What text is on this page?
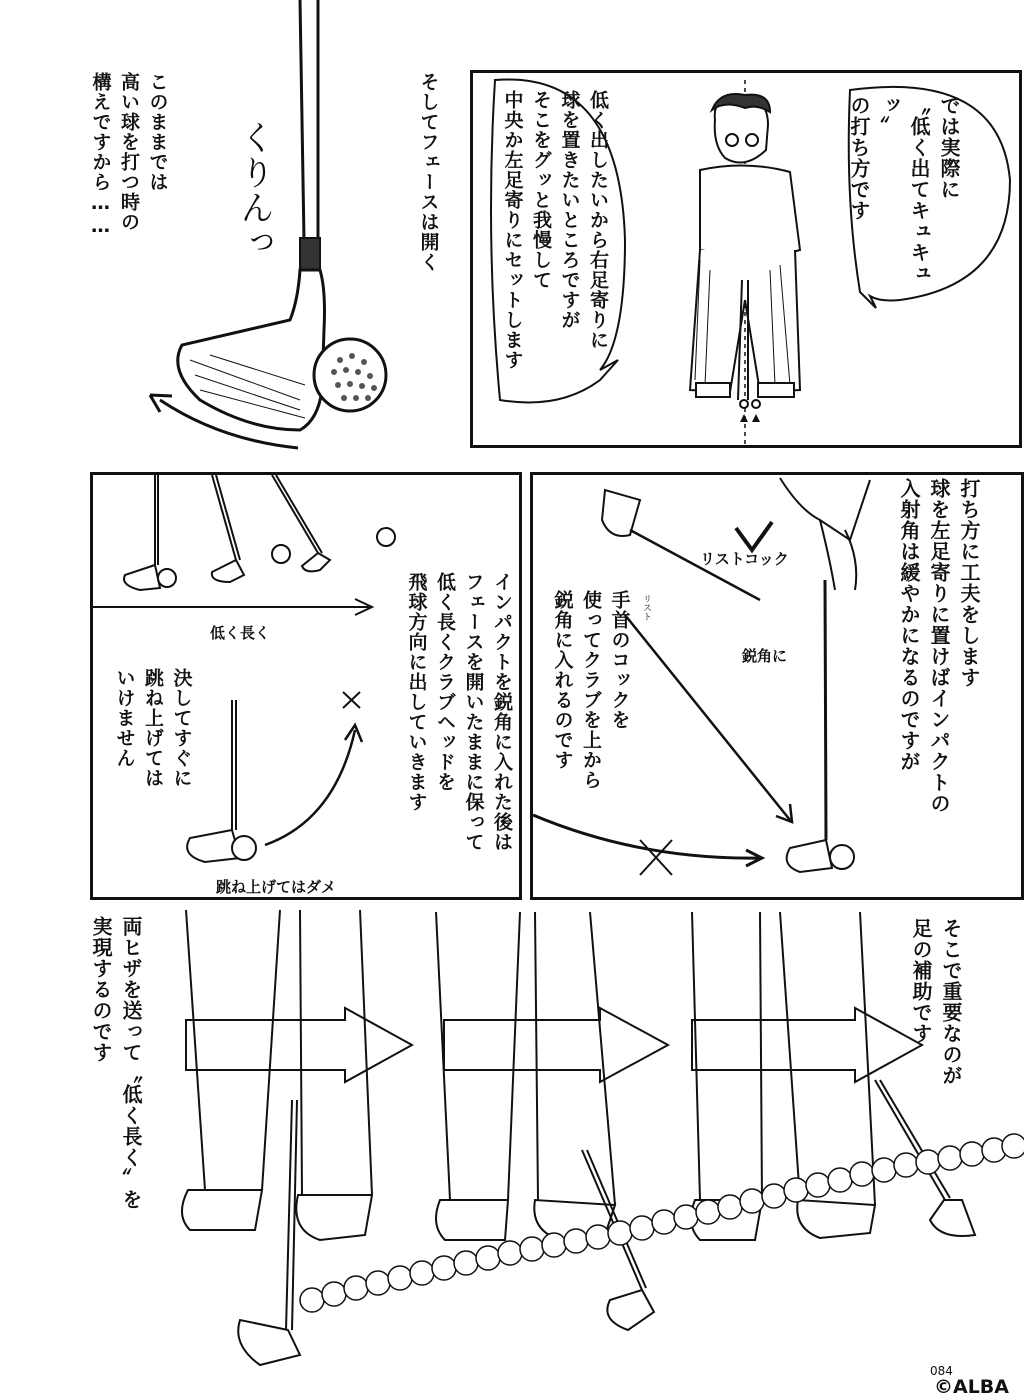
では実際に
〝低く出てキュキュッ〟
の打ち方です
低く出したいから右足寄りに
球を置きたいところですが
そこをグッと我慢して
中央か左足寄りにセットします
このままでは
高い球を打つ時の
構えですから……	くりんっ	そしてフェースは開く
低く長く
跳ね上げてはダメ
決してすぐに
跳ね上げては
いけません	インパクトを鋭角に入れた後は
フェースを開いたままに保って
低く長くクラブヘッドを
飛球方向に出していきます	打ち方に工夫をします
球を左足寄りに置けばインパクトの
入射角は緩やかになるのですが
リストコック
鋭角に
リスト
手首のコックを
使ってクラブを上から
鋭角に入れるのです
そこで重要なのが
足の補助です
両ヒザを送って〝低く長く〟を
実現するのです
084
©ALBA
